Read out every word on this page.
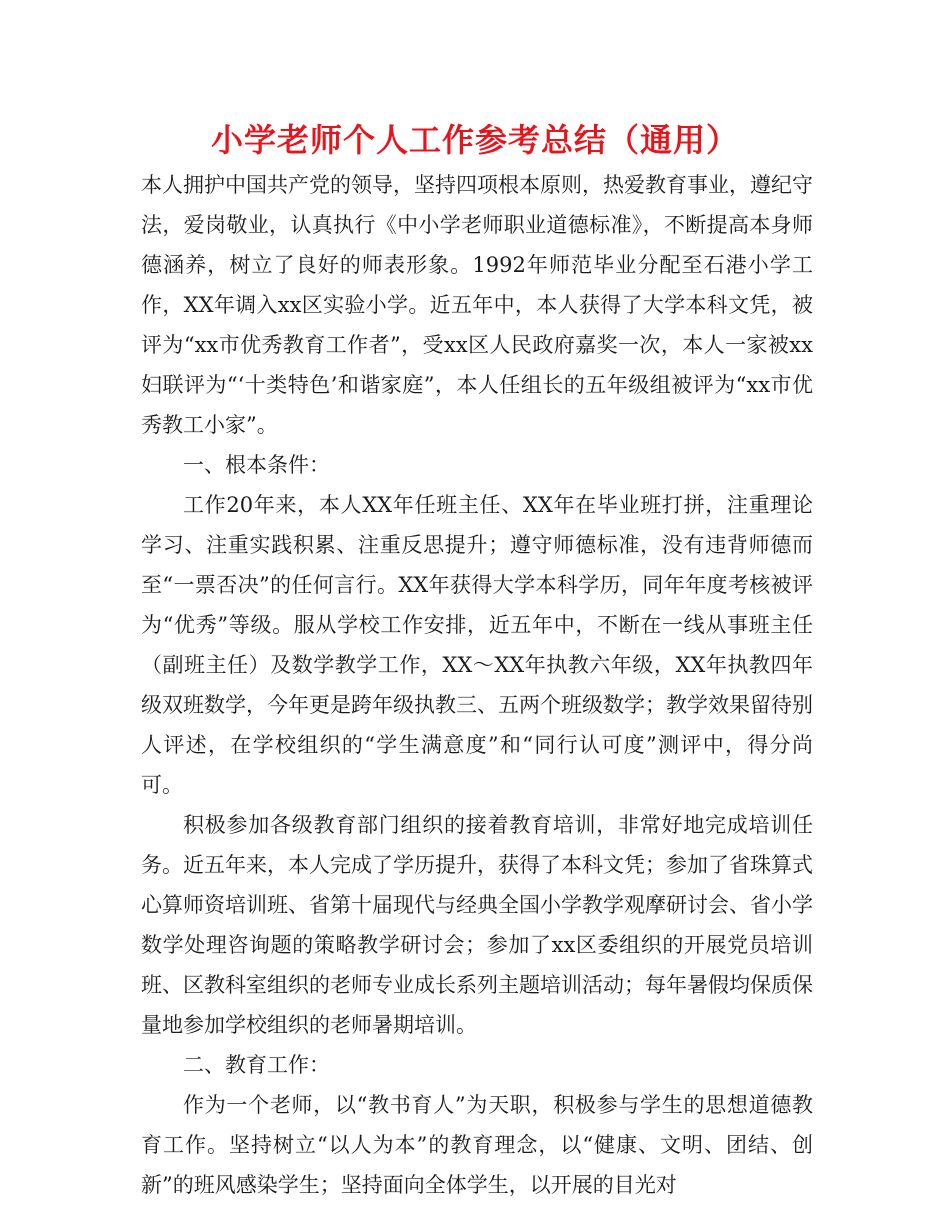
小学老师个人工作参考总结（通用）

本人拥护中国共产党的领导，坚持四项根本原则，热爱教育事业，遵纪守法，爱岗敬业，认真执行《中小学老师职业道德标准》，不断提高本身师德涵养，树立了良好的师表形象。1992年师范毕业分配至石港小学工作，XX年调入xx区实验小学。近五年中，本人获得了大学本科文凭，被评为“xx市优秀教育工作者”，受xx区人民政府嘉奖一次，本人一家被xx妇联评为“‘十类特色’和谐家庭”，本人任组长的五年级组被评为“xx市优秀教工小家”。

一、根本条件：

工作20年来，本人XX年任班主任、XX年在毕业班打拼，注重理论学习、注重实践积累、注重反思提升；遵守师德标准，没有违背师德而至“一票否决”的任何言行。XX年获得大学本科学历，同年年度考核被评为“优秀”等级。服从学校工作安排，近五年中，不断在一线从事班主任（副班主任）及数学教学工作，XX～XX年执教六年级，XX年执教四年级双班数学，今年更是跨年级执教三、五两个班级数学；教学效果留待别人评述，在学校组织的“学生满意度”和“同行认可度”测评中，得分尚可。

积极参加各级教育部门组织的接着教育培训，非常好地完成培训任务。近五年来，本人完成了学历提升，获得了本科文凭；参加了省珠算式心算师资培训班、省第十届现代与经典全国小学教学观摩研讨会、省小学数学处理咨询题的策略教学研讨会；参加了xx区委组织的开展党员培训班、区教科室组织的老师专业成长系列主题培训活动；每年暑假均保质保量地参加学校组织的老师暑期培训。

二、教育工作：

作为一个老师，以“教书育人”为天职，积极参与学生的思想道德教育工作。坚持树立“以人为本”的教育理念，以“健康、文明、团结、创新”的班风感染学生；坚持面向全体学生，以开展的目光对
